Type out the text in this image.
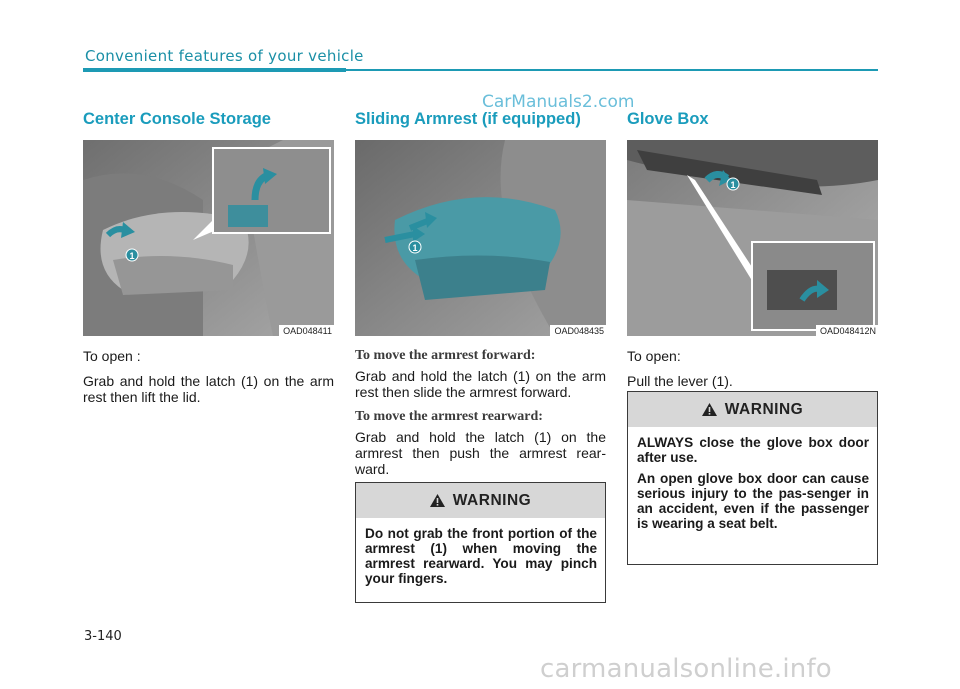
Convenient features of your vehicle
CarManuals2.com
Center Console Storage
1
OAD048411

To open :

Grab and hold the latch (1) on the arm rest then lift the lid.

Sliding Armrest (if equipped)
1
OAD048435
To move the armrest forward:

Grab and hold the latch (1) on the arm rest then slide the armrest forward.

To move the armrest rearward:

Grab and hold the latch (1) on the armrest then push the armrest rear-ward.

WARNING

Do not grab the front portion of the armrest (1) when moving the armrest rearward. You may pinch your fingers.

Glove Box
1
OAD048412N

To open:

Pull the lever (1).

WARNING

ALWAYS close the glove box door after use.

An open glove box door can cause serious injury to the pas-senger in an accident, even if the passenger is wearing a seat belt.

3-140
carmanualsonline.info
